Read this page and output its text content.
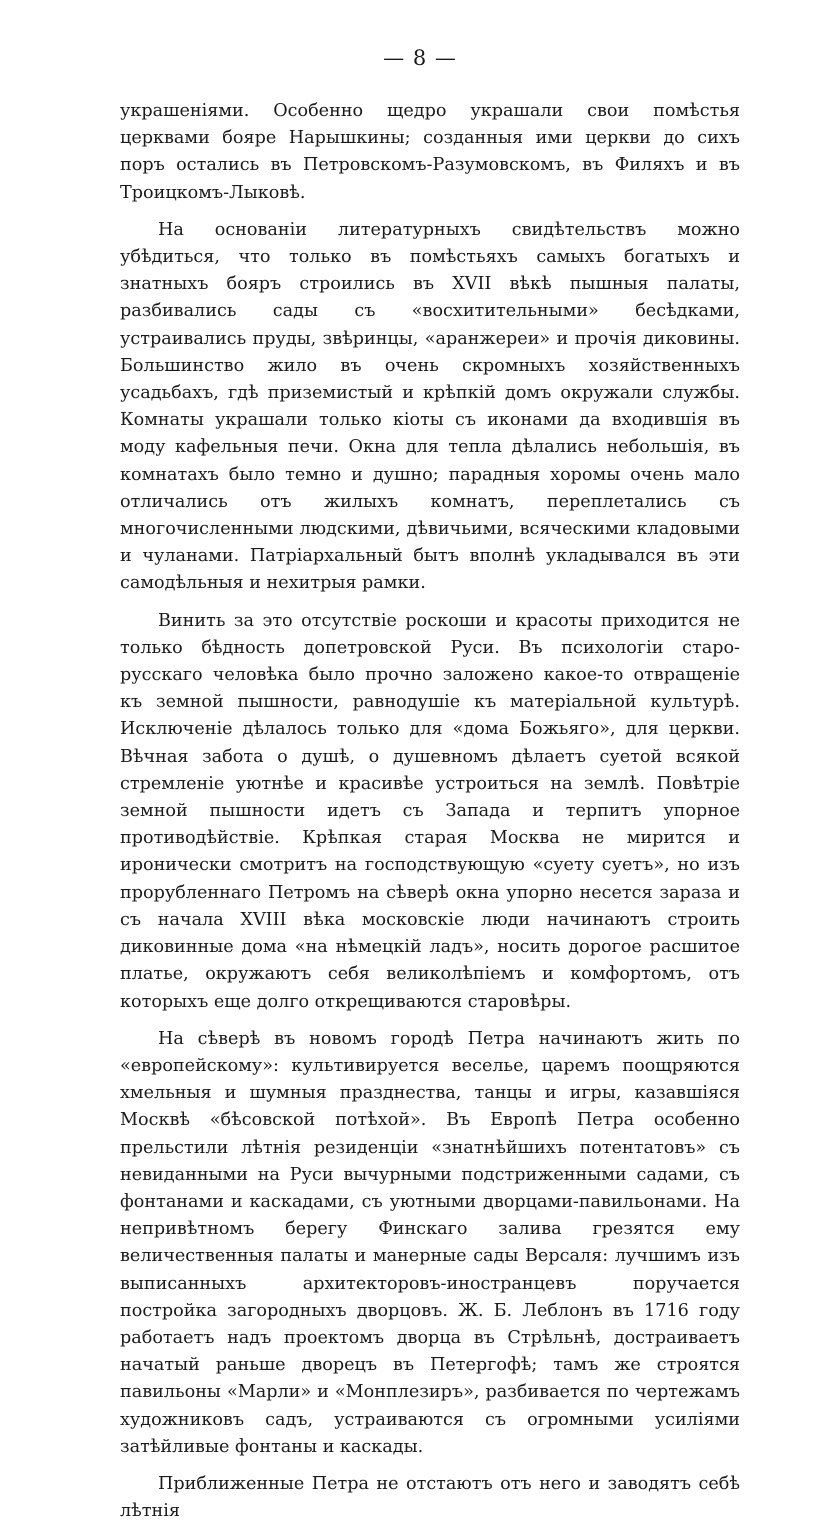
— 8 —

украшеніями. Особенно щедро украшали свои помѣстья церквами бояре Нарышкины; созданныя ими церкви до сихъ поръ остались въ Петровскомъ-Разумовскомъ, въ Филяхъ и въ Троицкомъ-Лыковѣ.

На основаніи литературныхъ свидѣтельствъ можно убѣдиться, что только въ помѣстьяхъ самыхъ богатыхъ и знатныхъ бояръ строились въ XVII вѣкѣ пышныя палаты, разбивались сады съ «восхитительными» бесѣдками, устраивались пруды, звѣринцы, «аранжереи» и прочія диковины. Большинство жило въ очень скромныхъ хозяйственныхъ усадьбахъ, гдѣ приземистый и крѣпкій домъ окружали службы. Комнаты украшали только кіоты съ иконами да входившія въ моду кафельныя печи. Окна для тепла дѣлались небольшія, въ комнатахъ было темно и душно; парадныя хоромы очень мало отличались отъ жилыхъ комнатъ, переплетались съ многочисленными людскими, дѣвичьими, всяческими кладовыми и чуланами. Патріархальный бытъ вполнѣ укладывался въ эти самодѣльныя и нехитрыя рамки.

Винить за это отсутствіе роскоши и красоты приходится не только бѣдность допетровской Руси. Въ психологіи старо-русскаго человѣка было прочно заложено какое-то отвращеніе къ земной пышности, равнодушіе къ матеріальной культурѣ. Исключеніе дѣлалось только для «дома Божьяго», для церкви. Вѣчная забота о душѣ, о душевномъ дѣлаетъ суетой всякой стремленіе уютнѣе и красивѣе устроиться на землѣ. Повѣтріе земной пышности идетъ съ Запада и терпитъ упорное противодѣйствіе. Крѣпкая старая Москва не мирится и иронически смотритъ на господствующую «суету суетъ», но изъ прорубленнаго Петромъ на сѣверѣ окна упорно несется зараза и съ начала XVIII вѣка московскіе люди начинаютъ строить диковинные дома «на нѣмецкій ладъ», носить дорогое расшитое платье, окружаютъ себя великолѣпіемъ и комфортомъ, отъ которыхъ еще долго открещиваются старовѣры.

На сѣверѣ въ новомъ городѣ Петра начинаютъ жить по «европейскому»: культивируется веселье, царемъ поощряются хмельныя и шумныя празднества, танцы и игры, казавшіяся Москвѣ «бѣсовской потѣхой». Въ Европѣ Петра особенно прельстили лѣтнія резиденціи «знатнѣйшихъ потентатовъ» съ невиданными на Руси вычурными подстриженными садами, съ фонтанами и каскадами, съ уютными дворцами-павильонами. На непривѣтномъ берегу Финскаго залива грезятся ему величественныя палаты и манерные сады Версаля: лучшимъ изъ выписанныхъ архитекторовъ-иностранцевъ поручается постройка загородныхъ дворцовъ. Ж. Б. Леблонъ въ 1716 году работаетъ надъ проектомъ дворца въ Стрѣльнѣ, достраиваетъ начатый раньше дворецъ въ Петергофѣ; тамъ же строятся павильоны «Марли» и «Монплезиръ», разбивается по чертежамъ художниковъ садъ, устраиваются съ огромными усиліями затѣйливые фонтаны и каскады.

Приближенные Петра не отстаютъ отъ него и заводятъ себѣ лѣтнія
